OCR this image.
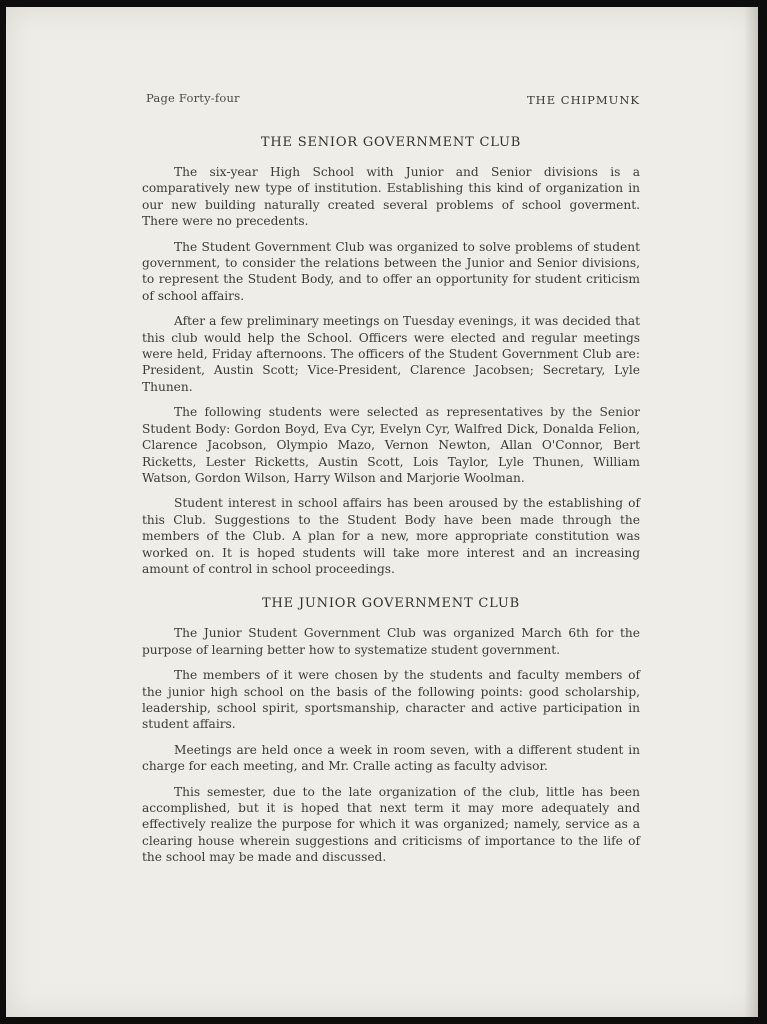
Page Forty-four	THE CHIPMUNK
THE SENIOR GOVERNMENT CLUB

The six-year High School with Junior and Senior divisions is a comparatively new type of institution. Establishing this kind of organization in our new building naturally created several problems of school goverment. There were no precedents.

The Student Government Club was organized to solve problems of student government, to consider the relations between the Junior and Senior divisions, to represent the Student Body, and to offer an opportunity for student criticism of school affairs.

After a few preliminary meetings on Tuesday evenings, it was decided that this club would help the School. Officers were elected and regular meetings were held, Friday afternoons. The officers of the Student Government Club are: President, Austin Scott; Vice-President, Clarence Jacobsen; Secretary, Lyle Thunen.

The following students were selected as representatives by the Senior Student Body: Gordon Boyd, Eva Cyr, Evelyn Cyr, Walfred Dick, Donalda Felion, Clarence Jacobson, Olympio Mazo, Vernon Newton, Allan O'Connor, Bert Ricketts, Lester Ricketts, Austin Scott, Lois Taylor, Lyle Thunen, William Watson, Gordon Wilson, Harry Wilson and Marjorie Woolman.

Student interest in school affairs has been aroused by the establishing of this Club. Suggestions to the Student Body have been made through the members of the Club. A plan for a new, more appropriate constitution was worked on. It is hoped students will take more interest and an increasing amount of control in school proceedings.

THE JUNIOR GOVERNMENT CLUB

The Junior Student Government Club was organized March 6th for the purpose of learning better how to systematize student government.

The members of it were chosen by the students and faculty members of the junior high school on the basis of the following points: good scholarship, leadership, school spirit, sportsmanship, character and active participation in student affairs.

Meetings are held once a week in room seven, with a different student in charge for each meeting, and Mr. Cralle acting as faculty advisor.

This semester, due to the late organization of the club, little has been accomplished, but it is hoped that next term it may more adequately and effectively realize the purpose for which it was organized; namely, service as a clearing house wherein suggestions and criticisms of importance to the life of the school may be made and discussed.
